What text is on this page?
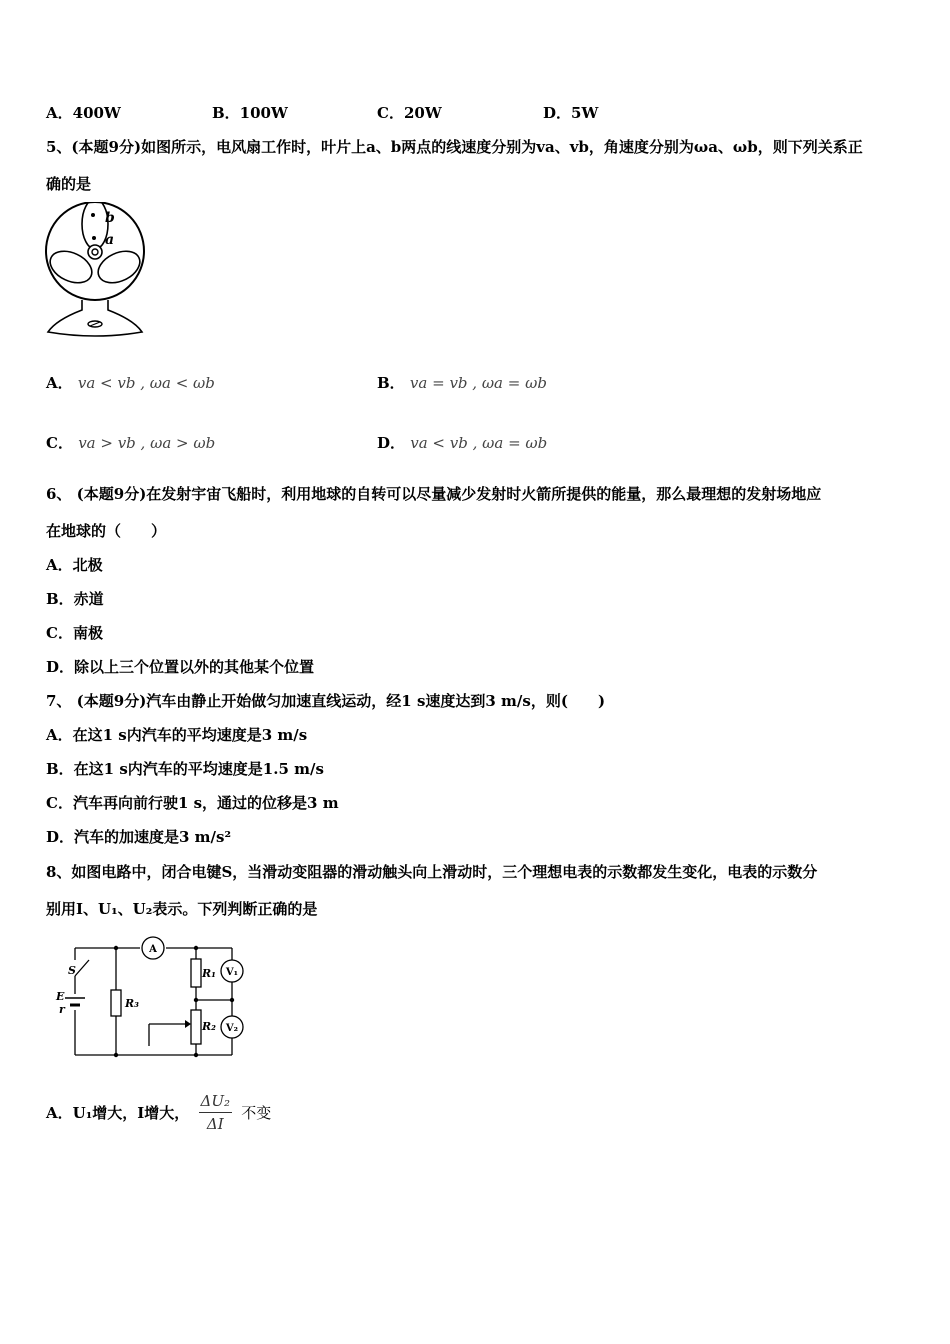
A．400W	B．100W	C．20W	D．5W
5、(本题9分)如图所示，电风扇工作时，叶片上a、b两点的线速度分别为va、vb，角速度分别为ωa、ωb，则下列关系正
确的是
b
a
A． va < vb , ωa < ωb	B． va = vb , ωa = ωb
C． va > vb , ωa > ωb	D． va < vb , ωa = ωb
6、 (本题9分)在发射宇宙飞船时，利用地球的自转可以尽量减少发射时火箭所提供的能量，那么最理想的发射场地应
在地球的（　　）
A．北极
B．赤道
C．南极
D．除以上三个位置以外的其他某个位置
7、 (本题9分)汽车由静止开始做匀加速直线运动，经1 s速度达到3 m/s，则(　　)
A．在这1 s内汽车的平均速度是3 m/s
B．在这1 s内汽车的平均速度是1.5 m/s
C．汽车再向前行驶1 s，通过的位移是3 m
D．汽车的加速度是3 m/s²
8、如图电路中，闭合电键S，当滑动变阻器的滑动触头向上滑动时，三个理想电表的示数都发生变化，电表的示数分
别用I、U₁、U₂表示。下列判断正确的是
A
V₁
V₂
S
E
r	R₃
R₁
R₂
A．U₁增大，I增大， $\frac{\text{ΔU₂}}{\Delta I}$ 不变
